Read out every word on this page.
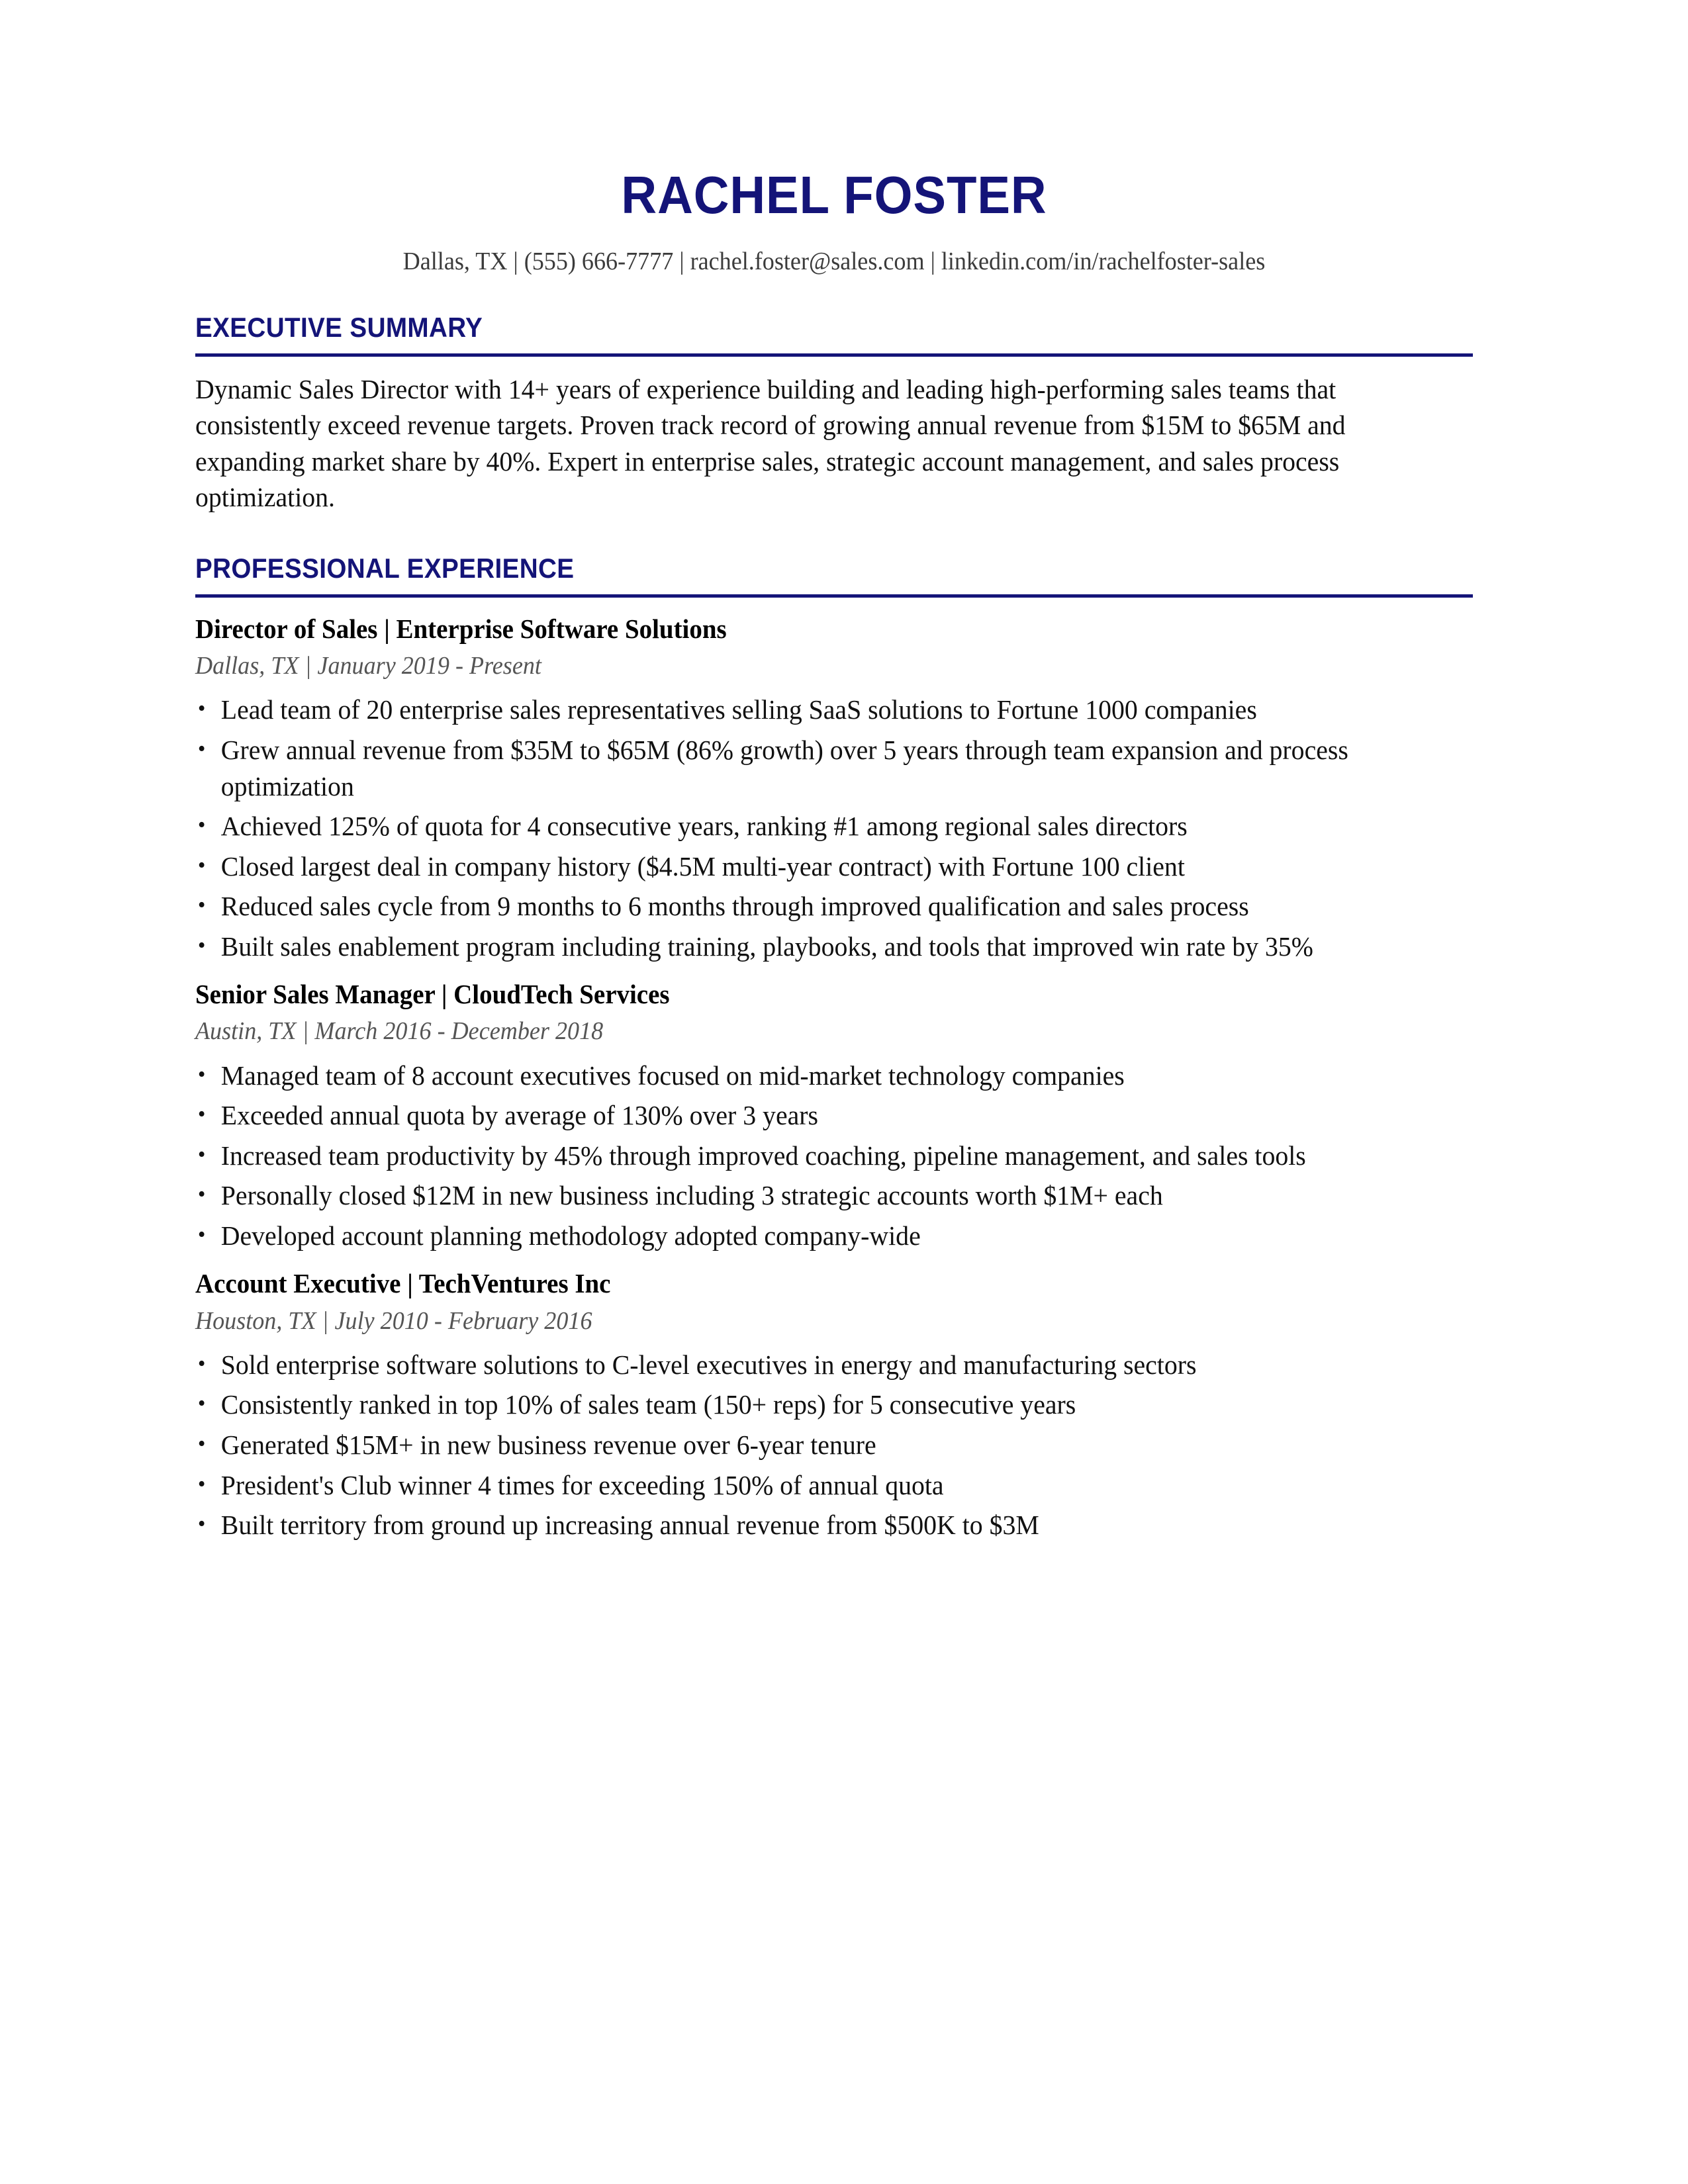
RACHEL FOSTER

Dallas, TX | (555) 666-7777 | rachel.foster@sales.com | linkedin.com/in/rachelfoster-sales

EXECUTIVE SUMMARY

Dynamic Sales Director with 14+ years of experience building and leading high-performing sales teams that consistently exceed revenue targets. Proven track record of growing annual revenue from $15M to $65M and expanding market share by 40%. Expert in enterprise sales, strategic account management, and sales process optimization.

PROFESSIONAL EXPERIENCE
Director of Sales | Enterprise Software Solutions
Dallas, TX | January 2019 - Present
• Lead team of 20 enterprise sales representatives selling SaaS solutions to Fortune 1000 companies
• Grew annual revenue from $35M to $65M (86% growth) over 5 years through team expansion and process optimization
• Achieved 125% of quota for 4 consecutive years, ranking #1 among regional sales directors
• Closed largest deal in company history ($4.5M multi-year contract) with Fortune 100 client
• Reduced sales cycle from 9 months to 6 months through improved qualification and sales process
• Built sales enablement program including training, playbooks, and tools that improved win rate by 35%
Senior Sales Manager | CloudTech Services
Austin, TX | March 2016 - December 2018
• Managed team of 8 account executives focused on mid-market technology companies
• Exceeded annual quota by average of 130% over 3 years
• Increased team productivity by 45% through improved coaching, pipeline management, and sales tools
• Personally closed $12M in new business including 3 strategic accounts worth $1M+ each
• Developed account planning methodology adopted company-wide
Account Executive | TechVentures Inc
Houston, TX | July 2010 - February 2016
• Sold enterprise software solutions to C-level executives in energy and manufacturing sectors
• Consistently ranked in top 10% of sales team (150+ reps) for 5 consecutive years
• Generated $15M+ in new business revenue over 6-year tenure
• President's Club winner 4 times for exceeding 150% of annual quota
• Built territory from ground up increasing annual revenue from $500K to $3M
